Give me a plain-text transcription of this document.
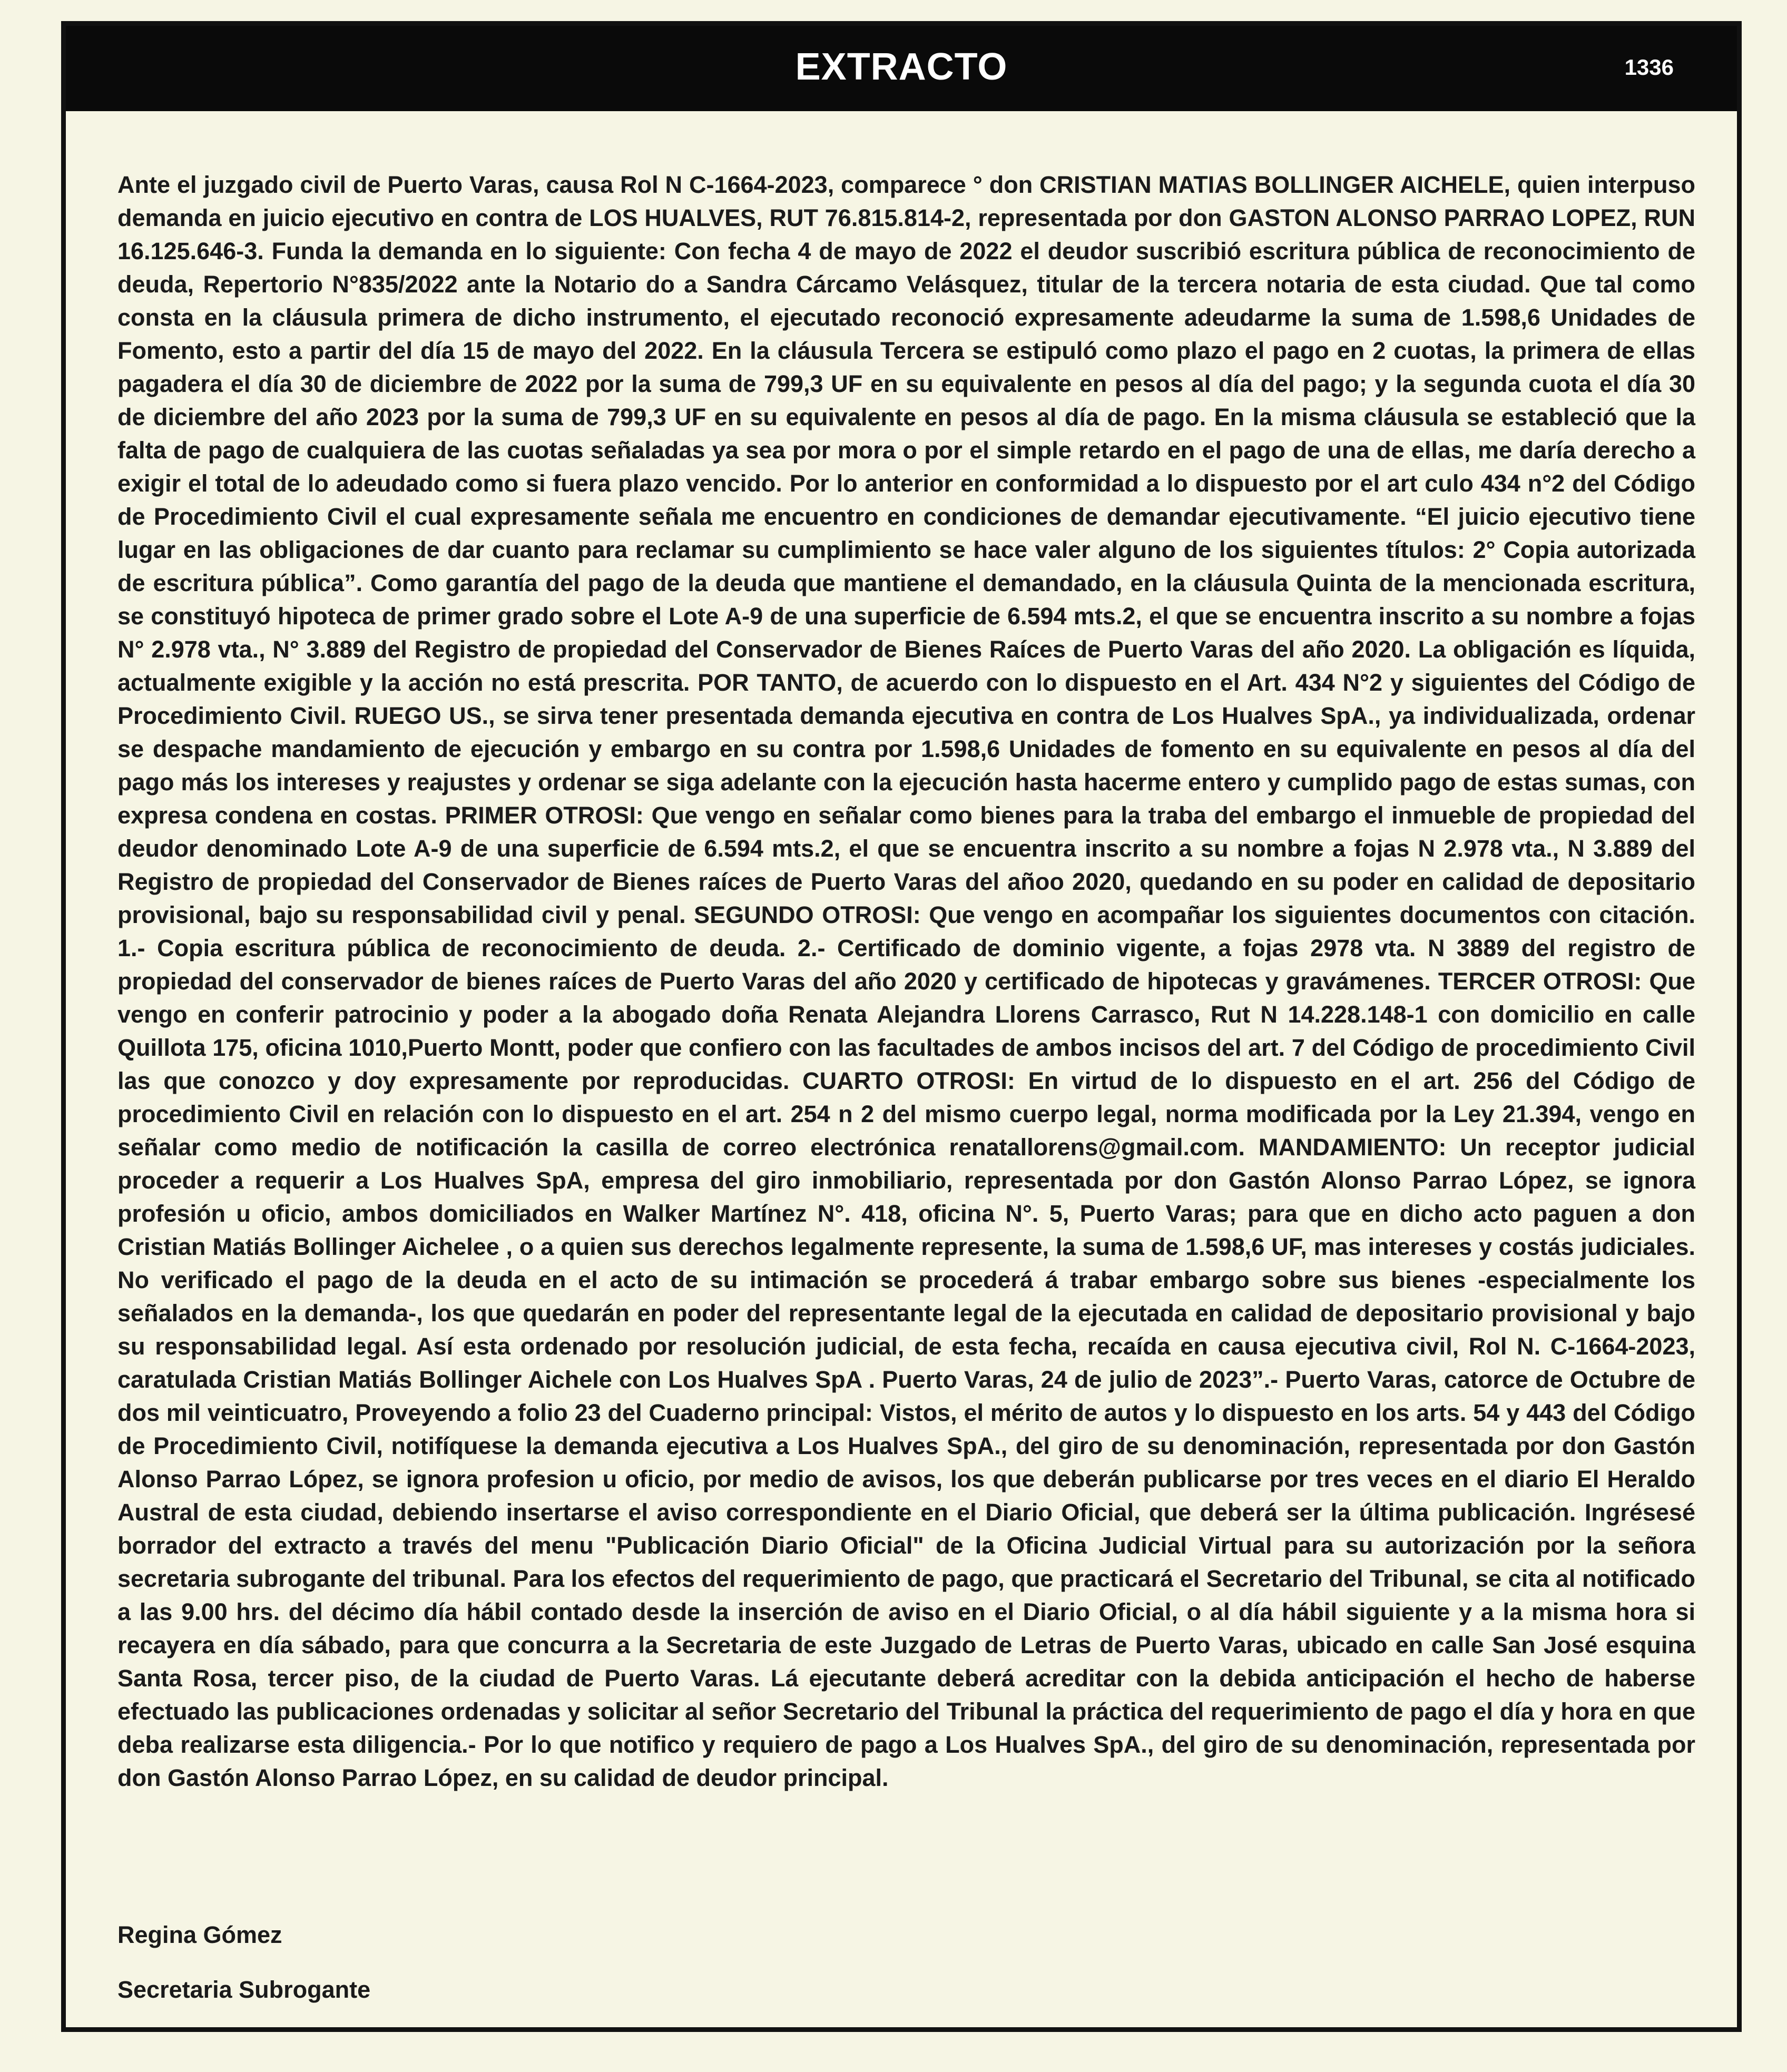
EXTRACTO	1336

Ante el juzgado civil de Puerto Varas, causa Rol N C-1664-2023, comparece ° don CRISTIAN MATIAS BOLLINGER AICHELE, quien interpuso demanda en juicio ejecutivo en contra de LOS HUALVES, RUT 76.815.814-2, representada por don GASTON ALONSO PARRAO LOPEZ, RUN 16.125.646-3. Funda la demanda en lo siguiente: Con fecha 4 de mayo de 2022 el deudor suscribió escritura pública de reconocimiento de deuda, Repertorio N°835/2022 ante la Notario do a Sandra Cárcamo Velásquez, titular de la tercera notaria de esta ciudad. Que tal como consta en la cláusula primera de dicho instrumento, el ejecutado reconoció expresamente adeudarme la suma de 1.598,6 Unidades de Fomento, esto a partir del día 15 de mayo del 2022. En la cláusula Tercera se estipuló como plazo el pago en 2 cuotas, la primera de ellas pagadera el día 30 de diciembre de 2022 por la suma de 799,3 UF en su equivalente en pesos al día del pago; y la segunda cuota el día 30 de diciembre del año 2023 por la suma de 799,3 UF en su equivalente en pesos al día de pago. En la misma cláusula se estableció que la falta de pago de cualquiera de las cuotas señaladas ya sea por mora o por el simple retardo en el pago de una de ellas, me daría derecho a exigir el total de lo adeudado como si fuera plazo vencido. Por lo anterior en conformidad a lo dispuesto por el art culo 434 n°2 del Código de Procedimiento Civil el cual expresamente señala me encuentro en condiciones de demandar ejecutivamente. “El juicio ejecutivo tiene lugar en las obligaciones de dar cuanto para reclamar su cumplimiento se hace valer alguno de los siguientes títulos: 2° Copia autorizada de escritura pública”. Como garantía del pago de la deuda que mantiene el demandado, en la cláusula Quinta de la mencionada escritura, se constituyó hipoteca de primer grado sobre el Lote A-9 de una superficie de 6.594 mts.2, el que se encuentra inscrito a su nombre a fojas N° 2.978 vta., N° 3.889 del Registro de propiedad del Conservador de Bienes Raíces de Puerto Varas del año 2020. La obligación es líquida, actualmente exigible y la acción no está prescrita. POR TANTO, de acuerdo con lo dispuesto en el Art. 434 N°2 y siguientes del Código de Procedimiento Civil. RUEGO US., se sirva tener presentada demanda ejecutiva en contra de Los Hualves SpA., ya individualizada, ordenar se despache mandamiento de ejecución y embargo en su contra por 1.598,6 Unidades de fomento en su equivalente en pesos al día del pago más los intereses y reajustes y ordenar se siga adelante con la ejecución hasta hacerme entero y cumplido pago de estas sumas, con expresa condena en costas. PRIMER OTROSI: Que vengo en señalar como bienes para la traba del embargo el inmueble de propiedad del deudor denominado Lote A-9 de una superficie de 6.594 mts.2, el que se encuentra inscrito a su nombre a fojas N 2.978 vta., N 3.889 del Registro de propiedad del Conservador de Bienes raíces de Puerto Varas del añoo 2020, quedando en su poder en calidad de depositario provisional, bajo su responsabilidad civil y penal. SEGUNDO OTROSI: Que vengo en acompañar los siguientes documentos con citación. 1.- Copia escritura pública de reconocimiento de deuda. 2.- Certificado de dominio vigente, a fojas 2978 vta. N 3889 del registro de propiedad del conservador de bienes raíces de Puerto Varas del año 2020 y certificado de hipotecas y gravámenes. TERCER OTROSI: Que vengo en conferir patrocinio y poder a la abogado doña Renata Alejandra Llorens Carrasco, Rut N 14.228.148-1 con domicilio en calle Quillota 175, oficina 1010,Puerto Montt, poder que confiero con las facultades de ambos incisos del art. 7 del Código de procedimiento Civil las que conozco y doy expresamente por reproducidas. CUARTO OTROSI: En virtud de lo dispuesto en el art. 256 del Código de procedimiento Civil en relación con lo dispuesto en el art. 254 n 2 del mismo cuerpo legal, norma modificada por la Ley 21.394, vengo en señalar como medio de notificación la casilla de correo electrónica renatallorens@gmail.com. MANDAMIENTO: Un receptor judicial proceder a requerir a Los Hualves SpA, empresa del giro inmobiliario, representada por don Gastón Alonso Parrao López, se ignora profesión u oficio, ambos domiciliados en Walker Martínez N°. 418, oficina N°. 5, Puerto Varas; para que en dicho acto paguen a don Cristian Matiás Bollinger Aichelee , o a quien sus derechos legalmente represente, la suma de 1.598,6 UF, mas intereses y costás judiciales. No verificado el pago de la deuda en el acto de su intimación se procederá á trabar embargo sobre sus bienes -especialmente los señalados en la demanda-, los que quedarán en poder del representante legal de la ejecutada en calidad de depositario provisional y bajo su responsabilidad legal. Así esta ordenado por resolución judicial, de esta fecha, recaída en causa ejecutiva civil, Rol N. C-1664-2023, caratulada Cristian Matiás Bollinger Aichele con Los Hualves SpA . Puerto Varas, 24 de julio de 2023”.- Puerto Varas, catorce de Octubre de dos mil veinticuatro, Proveyendo a folio 23 del Cuaderno principal: Vistos, el mérito de autos y lo dispuesto en los arts. 54 y 443 del Código de Procedimiento Civil, notifíquese la demanda ejecutiva a Los Hualves SpA., del giro de su denominación, representada por don Gastón Alonso Parrao López, se ignora profesion u oficio, por medio de avisos, los que deberán publicarse por tres veces en el diario El Heraldo Austral de esta ciudad, debiendo insertarse el aviso correspondiente en el Diario Oficial, que deberá ser la última publicación. Ingrésesé borrador del extracto a través del menu "Publicación Diario Oficial" de la Oficina Judicial Virtual para su autorización por la señora secretaria subrogante del tribunal. Para los efectos del requerimiento de pago, que practicará el Secretario del Tribunal, se cita al notificado a las 9.00 hrs. del décimo día hábil contado desde la inserción de aviso en el Diario Oficial, o al día hábil siguiente y a la misma hora si recayera en día sábado, para que concurra a la Secretaria de este Juzgado de Letras de Puerto Varas, ubicado en calle San José esquina Santa Rosa, tercer piso, de la ciudad de Puerto Varas. Lá ejecutante deberá acreditar con la debida anticipación el hecho de haberse efectuado las publicaciones ordenadas y solicitar al señor Secretario del Tribunal la práctica del requerimiento de pago el día y hora en que deba realizarse esta diligencia.- Por lo que notifico y requiero de pago a Los Hualves SpA., del giro de su denominación, representada por don Gastón Alonso Parrao López, en su calidad de deudor principal.

Regina Gómez

Secretaria Subrogante
